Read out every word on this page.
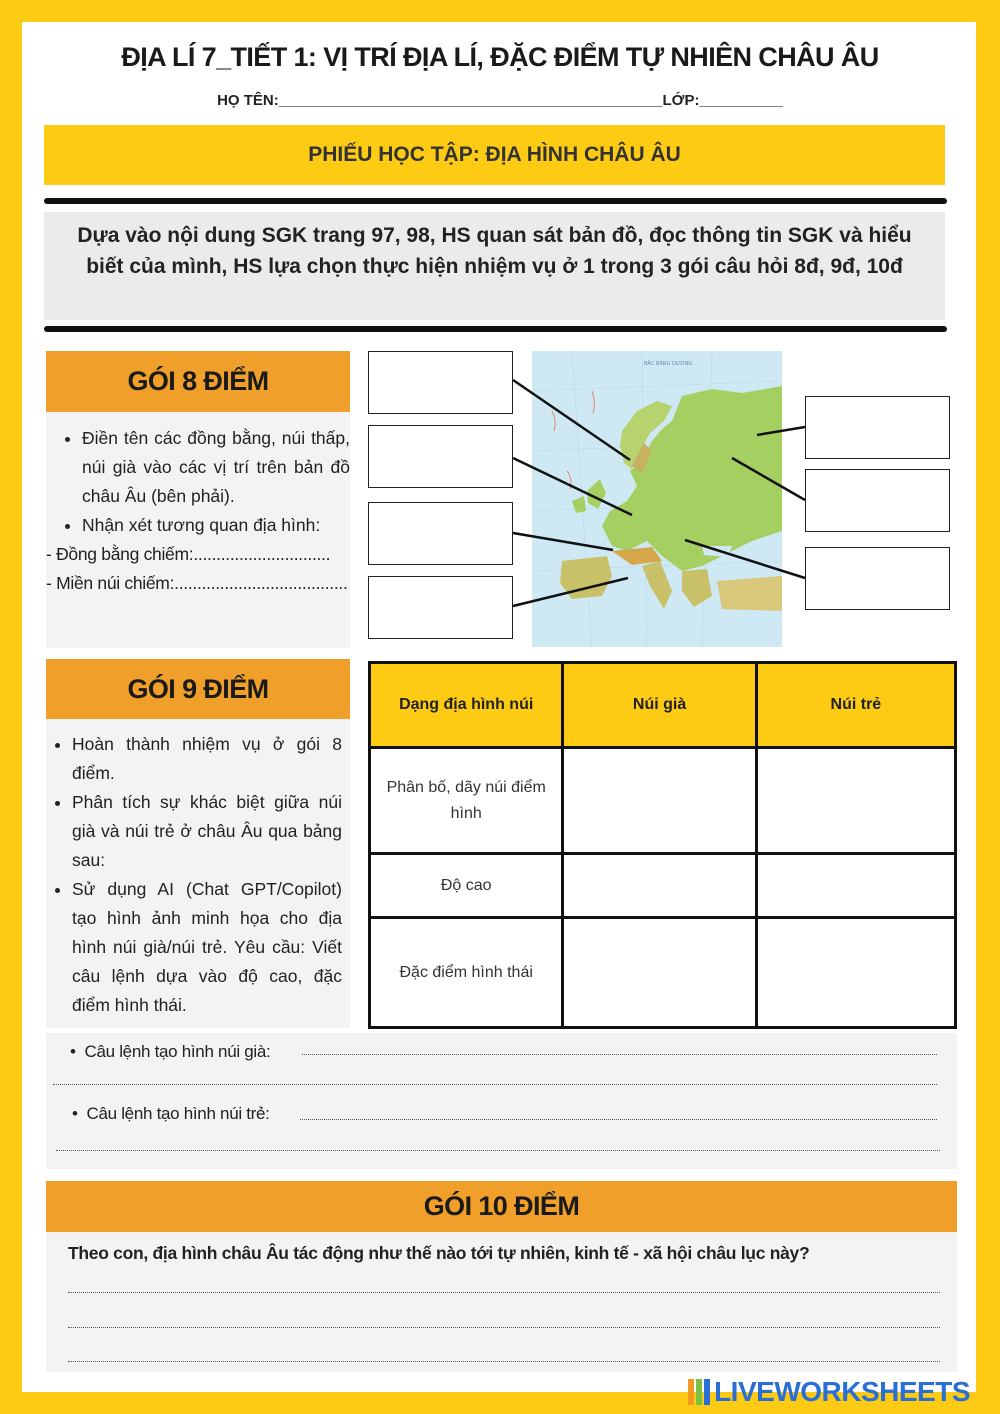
ĐỊA LÍ 7_TIẾT 1: VỊ TRÍ ĐỊA LÍ, ĐẶC ĐIỂM TỰ NHIÊN CHÂU ÂU
HỌ TÊN:______________________________________________LỚP:__________
PHIẾU HỌC TẬP: ĐỊA HÌNH CHÂU ÂU
Dựa vào nội dung SGK trang 97, 98, HS quan sát bản đồ, đọc thông tin SGK và hiểu biết của mình, HS lựa chọn thực hiện nhiệm vụ ở 1 trong 3 gói câu hỏi 8đ, 9đ, 10đ
GÓI 8 ĐIỂM
• Điền tên các đồng bằng, núi thấp, núi già vào các vị trí trên bản đồ châu Âu (bên phải).
• Nhận xét tương quan địa hình:
- Đồng bằng chiếm:..............................
- Miền núi chiếm:......................................
BẮC BĂNG DƯƠNG
GÓI 9 ĐIỂM
• Hoàn thành nhiệm vụ ở gói 8 điểm.
• Phân tích sự khác biệt giữa núi già và núi trẻ ở châu Âu qua bảng sau:
• Sử dụng AI (Chat GPT/Copilot) tạo hình ảnh minh họa cho địa hình núi già/núi trẻ. Yêu cầu: Viết câu lệnh dựa vào độ cao, đặc điểm hình thái.
Dạng địa hình núi	Núi già	Núi trẻ
Phân bố, dãy núi điểm hình		
Độ cao		
Đặc điểm hình thái		
•  Câu lệnh tạo hình núi già:
•  Câu lệnh tạo hình núi trẻ:
GÓI 10 ĐIỂM
Theo con, địa hình châu Âu tác động như thế nào tới tự nhiên, kinh tế - xã hội châu lục này?
LIVEWORKSHEETS
